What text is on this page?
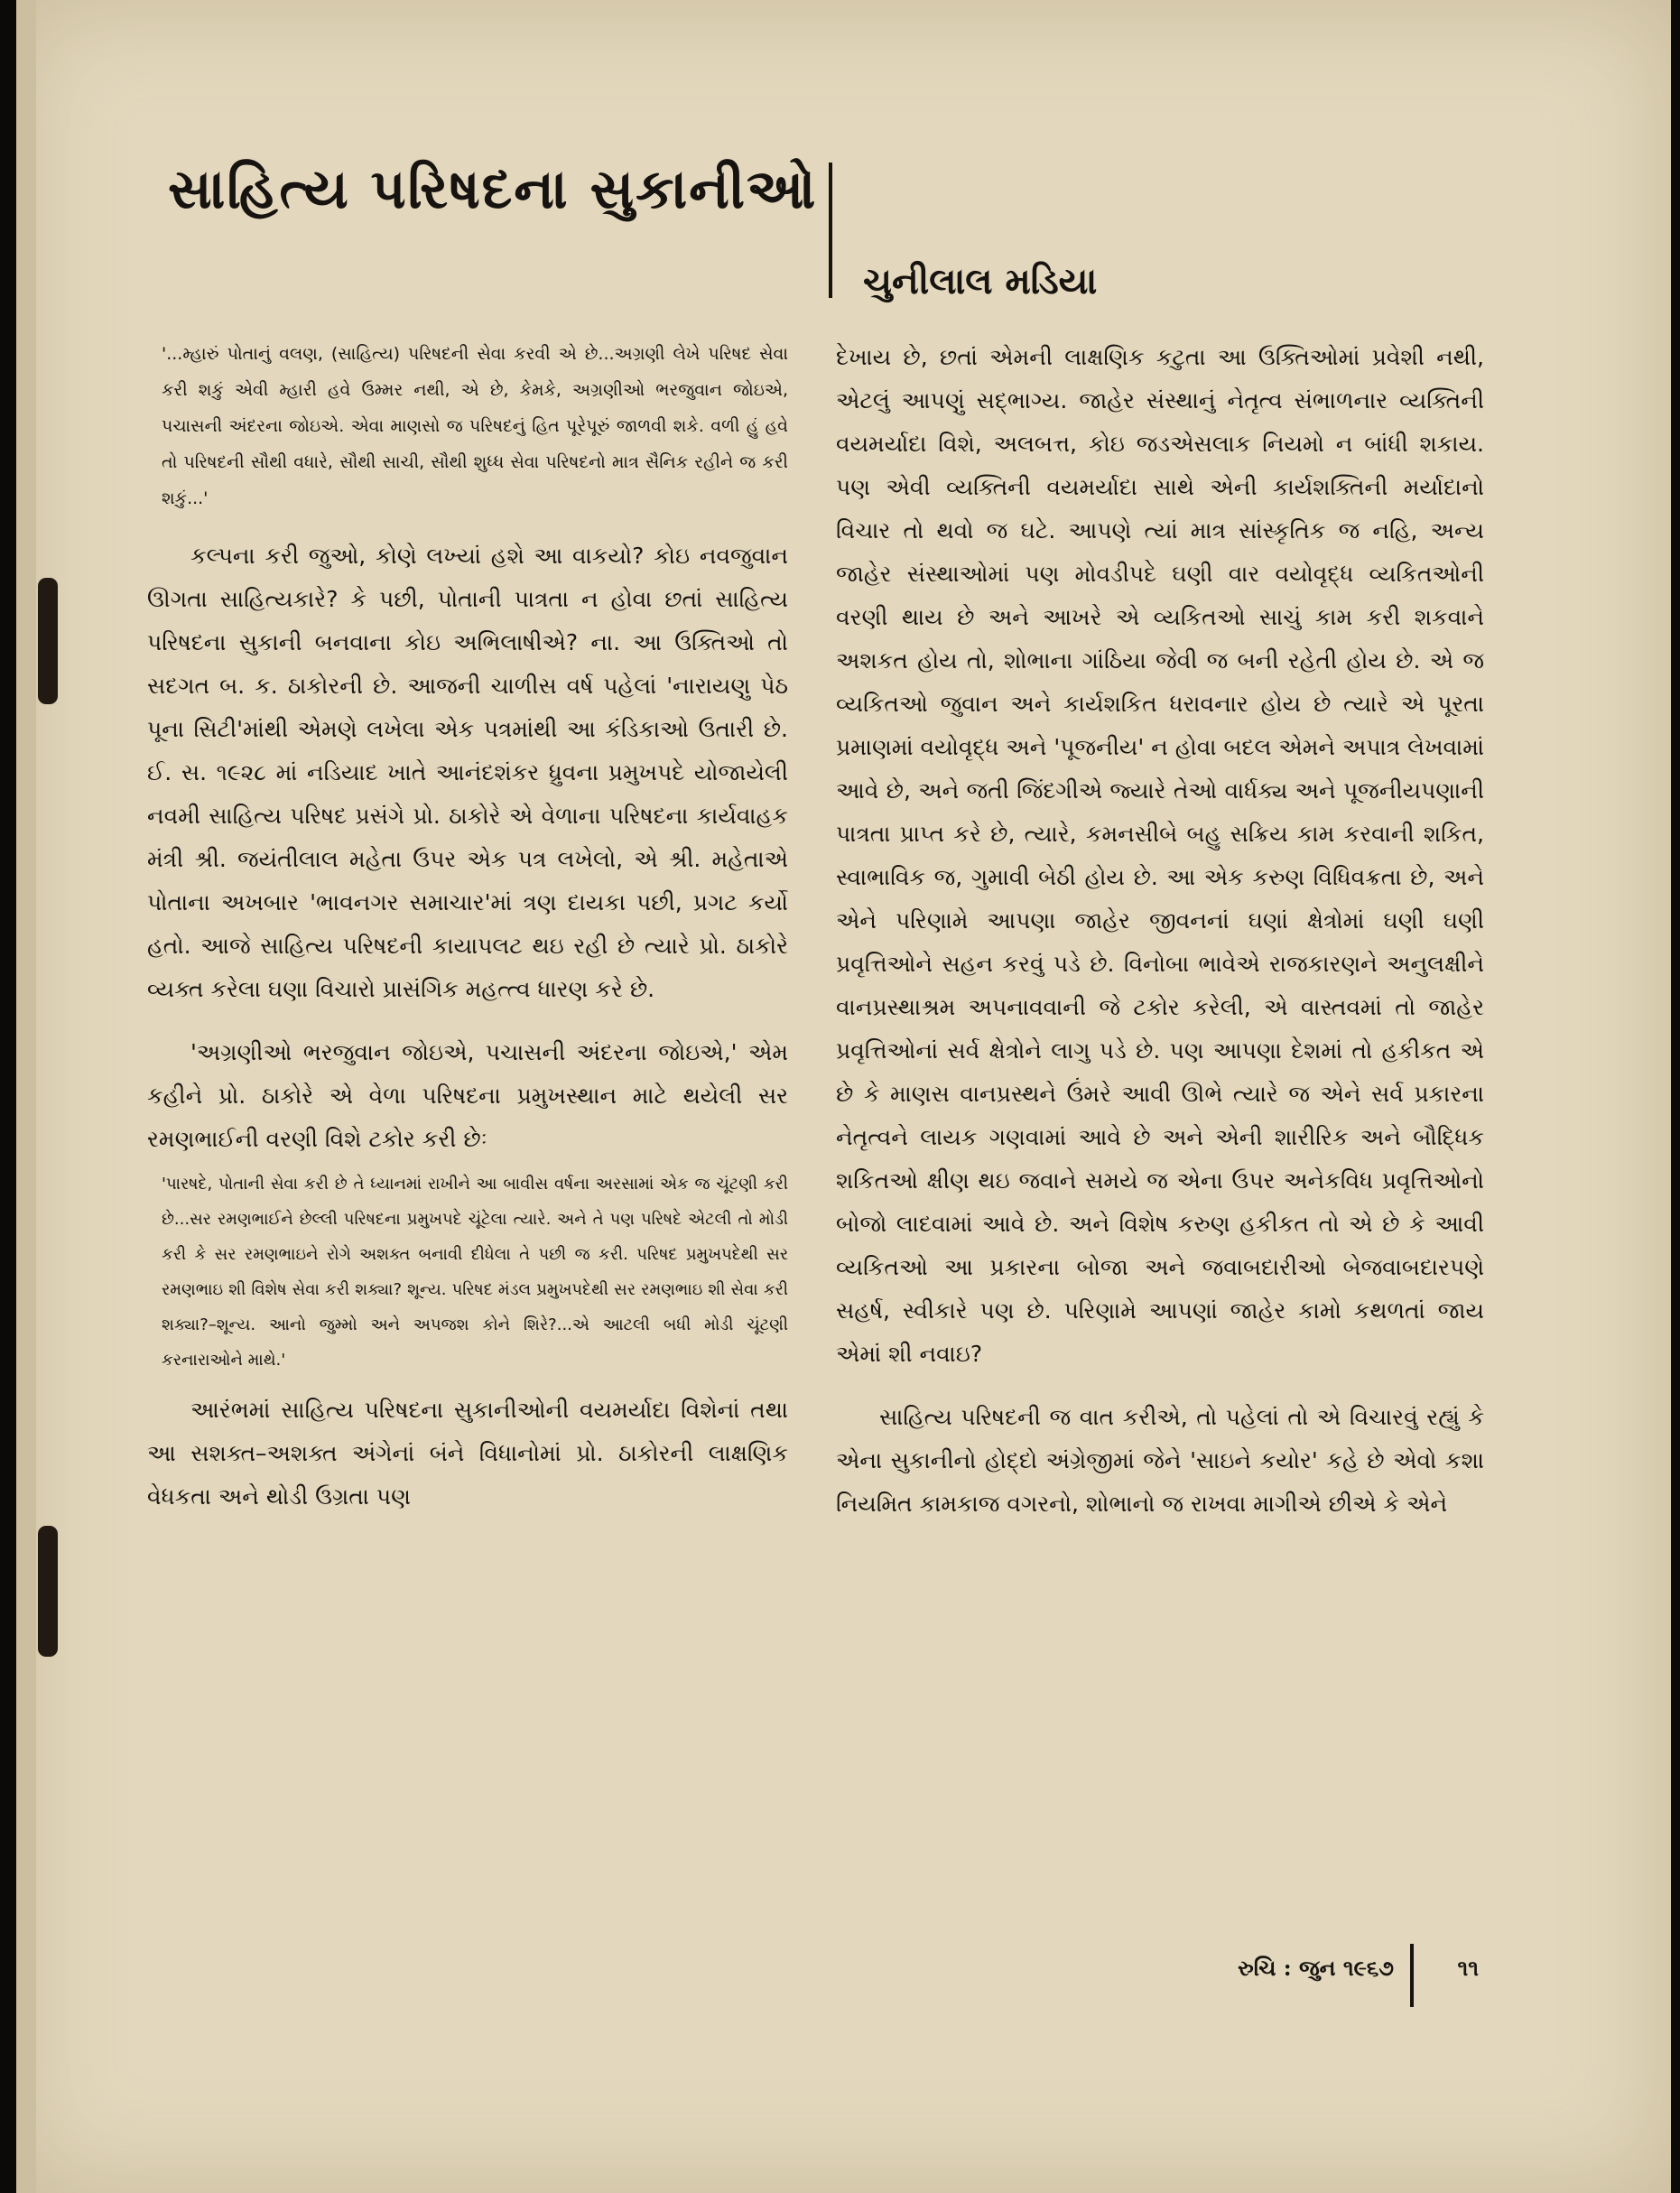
સાહિત્ય પરિષદના સુકાનીઓ
ચુનીલાલ મડિયા

'...મ્હારું પોતાનું વલણ, (સાહિત્ય) પરિષદની સેવા કરવી એ છે...અગ્રણી લેખે પરિષદ સેવા કરી શકું એવી મ્હારી હવે ઉમ્મર નથી, એ છે, કેમકે, અગ્રણીઓ ભરજુવાન જોઇએ, પચાસની અંદરના જોઇએ. એવા માણસો જ પરિષદનું હિત પૂરેપૂરું જાળવી શકે. વળી હું હવે તો પરિષદની સૌથી વધારે, સૌથી સાચી, સૌથી શુધ્ધ સેવા પરિષદનો માત્ર સૈનિક રહીને જ કરી શકું...'

કલ્પના કરી જુઓ, કોણે લખ્યાં હશે આ વાકયો? કોઇ નવજુવાન ઊગતા સાહિત્યકારે? કે પછી, પોતાની પાત્રતા ન હોવા છતાં સાહિત્ય પરિષદના સુકાની બનવાના કોઇ અભિલાષીએ? ના. આ ઉક્તિઓ તો સદગત બ. ક. ઠાકોરની છે. આજની ચાળીસ વર્ષ પહેલાં 'નારાયણુ પેઠ પૂના સિટી'માંથી એમણે લખેલા એક પત્રમાંથી આ કંડિકાઓ ઉતારી છે. ઈ. સ. ૧૯૨૮ માં નડિયાદ ખાતે આનંદશંકર ધ્રુવના પ્રમુખપદે યોજાયેલી નવમી સાહિત્ય પરિષદ પ્રસંગે પ્રો. ઠાકોરે એ વેળાના પરિષદના કાર્યવાહક મંત્રી શ્રી. જયંતીલાલ મહેતા ઉપર એક પત્ર લખેલો, એ શ્રી. મહેતાએ પોતાના અખબાર 'ભાવનગર સમાચાર'માં ત્રણ દાયકા પછી, પ્રગટ કર્યો હતો. આજે સાહિત્ય પરિષદની કાયાપલટ થઇ રહી છે ત્યારે પ્રો. ઠાકોરે વ્યક્ત કરેલા ઘણા વિચારો પ્રાસંગિક મહત્ત્વ ધારણ કરે છે.

'અગ્રણીઓ ભરજુવાન જોઇએ, પચાસની અંદરના જોઇએ,' એમ કહીને પ્રો. ઠાકોરે એ વેળા પરિષદના પ્રમુખસ્થાન માટે થયેલી સર રમણભાઈની વરણી વિશે ટકોર કરી છેઃ

'પારષદે, પોતાની સેવા કરી છે તે ધ્યાનમાં રાખીને આ બાવીસ વર્ષના અરસામાં એક જ ચૂંટણી કરી છે...સર રમણભાઈને છેલ્લી પરિષદના પ્રમુખપદે ચૂંટેલા ત્યારે. અને તે પણ પરિષદે એટલી તો મોડી કરી કે સર રમણભાઇને રોગે અશક્ત બનાવી દીધેલા તે પછી જ કરી. પરિષદ પ્રમુખપદેથી સર રમણભાઇ શી વિશેષ સેવા કરી શક્યા? શૂન્ય. પરિષદ મંડલ પ્રમુખપદેથી સર રમણભાઇ શી સેવા કરી શક્યા?–શૂન્ય. આનો જુમ્મો અને અપજશ કોને શિરે?...એ આટલી બધી મોડી ચૂંટણી કરનારાઓને માથે.'

આરંભમાં સાહિત્ય પરિષદના સુકાનીઓની વયમર્યાદા વિશેનાં તથા આ સશક્ત–અશક્ત અંગેનાં બંને વિધાનોમાં પ્રો. ઠાકોરની લાક્ષણિક વેધકતા અને થોડી ઉગ્રતા પણ

દેખાય છે, છતાં એમની લાક્ષણિક કટુતા આ ઉક્તિઓમાં પ્રવેશી નથી, એટલું આપણું સદ્ભાગ્ય. જાહેર સંસ્થાનું નેતૃત્વ સંભાળનાર વ્યક્તિની વયમર્યાદા વિશે, અલબત્ત, કોઇ જડએસલાક નિયમો ન બાંધી શકાય. પણ એવી વ્યક્તિની વયમર્યાદા સાથે એની કાર્યશક્તિની મર્યાદાનો વિચાર તો થવો જ ઘટે. આપણે ત્યાં માત્ર સાંસ્કૃતિક જ નહિ, અન્ય જાહેર સંસ્થાઓમાં પણ મોવડીપદે ઘણી વાર વયોવૃદ્ધ વ્યકિતઓની વરણી થાય છે અને આખરે એ વ્યકિતઓ સાચું કામ કરી શકવાને અશકત હોય તો, શોભાના ગાંઠિયા જેવી જ બની રહેતી હોય છે. એ જ વ્યકિતઓ જુવાન અને કાર્યશકિત ધરાવનાર હોય છે ત્યારે એ પૂરતા પ્રમાણમાં વયોવૃદ્ધ અને 'પૂજનીય' ન હોવા બદલ એમને અપાત્ર લેખવામાં આવે છે, અને જતી જિંદગીએ જ્યારે તેઓ વાર્ધક્ય અને પૂજનીયપણાની પાત્રતા પ્રાપ્ત કરે છે, ત્યારે, કમનસીબે બહુ સક્રિય કામ કરવાની શકિત, સ્વાભાવિક જ, ગુમાવી બેઠી હોય છે. આ એક કરુણ વિધિવક્રતા છે, અને એને પરિણામે આપણા જાહેર જીવનનાં ઘણાં ક્ષેત્રોમાં ઘણી ઘણી પ્રવૃત્તિઓને સહન કરવું પડે છે. વિનોબા ભાવેએ રાજકારણને અનુલક્ષીને વાનપ્રસ્થાશ્રમ અપનાવવાની જે ટકોર કરેલી, એ વાસ્તવમાં તો જાહેર પ્રવૃત્તિઓનાં સર્વ ક્ષેત્રોને લાગુ પડે છે. પણ આપણા દેશમાં તો હકીકત એ છે કે માણસ વાનપ્રસ્થને ઉંમરે આવી ઊભે ત્યારે જ એને સર્વ પ્રકારના નેતૃત્વને લાયક ગણવામાં આવે છે અને એની શારીરિક અને બૌદ્ધિક શકિતઓ ક્ષીણ થઇ જવાને સમયે જ એના ઉપર અનેકવિધ પ્રવૃત્તિઓનો બોજો લાદવામાં આવે છે. અને વિશેષ કરુણ હકીકત તો એ છે કે આવી વ્યકિતઓ આ પ્રકારના બોજા અને જવાબદારીઓ બેજવાબદારપણે સહર્ષ, સ્વીકારે પણ છે. પરિણામે આપણાં જાહેર કામો કથળતાં જાય એમાં શી નવાઇ?

સાહિત્ય પરિષદની જ વાત કરીએ, તો પહેલાં તો એ વિચારવું રહ્યું કે એના સુકાનીનો હોદ્દો અંગ્રેજીમાં જેને 'સાઇને કયોર' કહે છે એવો કશા નિયમિત કામકાજ વગરનો, શોભાનો જ રાખવા માગીએ છીએ કે એને

રુચિ : જુન ૧૯૬૭	૧૧
